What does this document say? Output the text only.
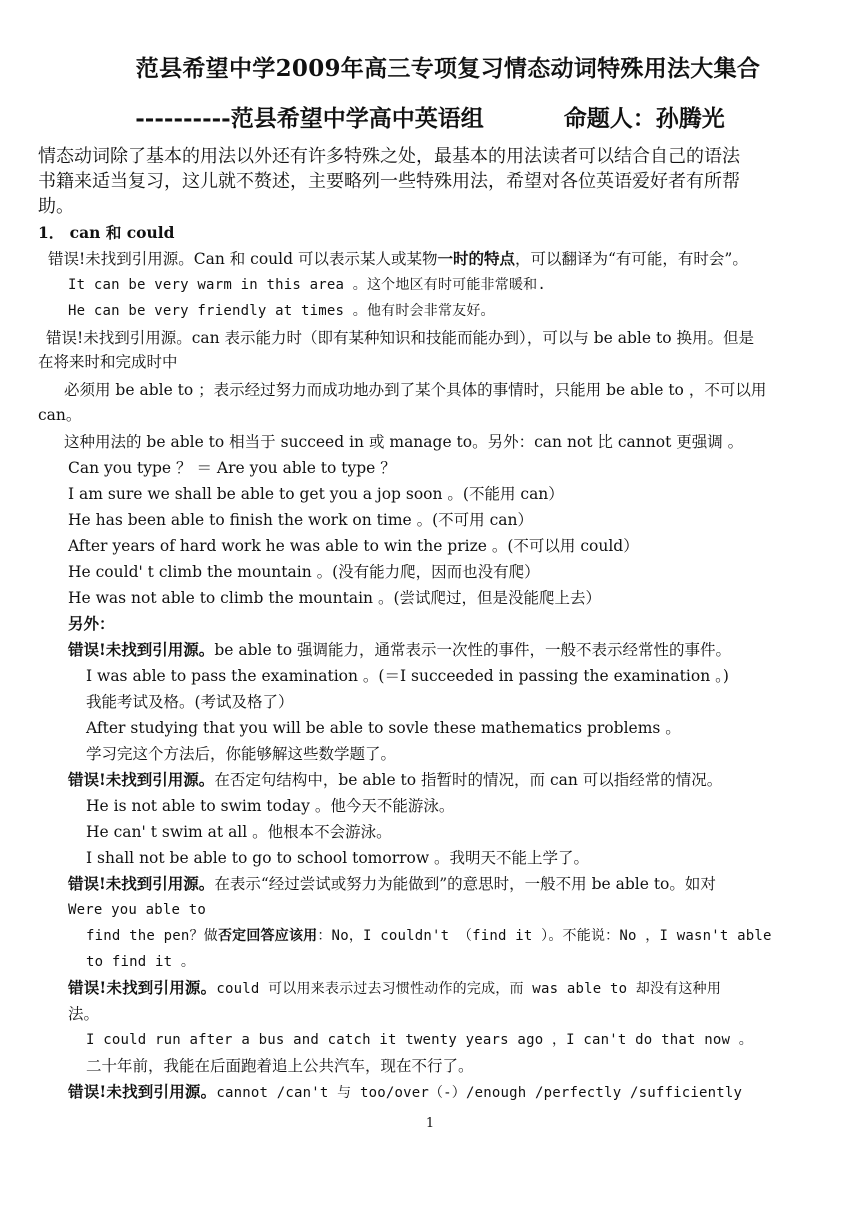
范县希望中学2009年高三专项复习情态动词特殊用法大集合
----------范县希望中学高中英语组	命题人：孙腾光
情态动词除了基本的用法以外还有许多特殊之处，最基本的用法读者可以结合自己的语法
书籍来适当复习，这儿就不赘述，主要略列一些特殊用法，希望对各位英语爱好者有所帮
助。
1． can 和 could
错误!未找到引用源。Can 和 could 可以表示某人或某物一时的特点，可以翻译为“有可能，有时会”。
It can be very warm in this area 。这个地区有时可能非常暖和.
He can be very friendly at times 。他有时会非常友好。
错误!未找到引用源。can 表示能力时（即有某种知识和技能而能办到），可以与 be able to 换用。但是
在将来时和完成时中
必须用 be able to ；表示经过努力而成功地办到了某个具体的事情时，只能用 be able to ，不可以用
can。
这种用法的 be able to 相当于 succeed in 或 manage to。另外：can not 比 cannot 更强调 。
Can you type ？ ＝ Are you able to type ？
I am sure we shall be able to get you a jop soon 。(不能用 can）
He has been able to finish the work on time 。(不可用 can）
After years of hard work he was able to win the prize 。(不可以用 could）
He could' t climb the mountain 。(没有能力爬，因而也没有爬）
He was not able to climb the mountain 。(尝试爬过，但是没能爬上去）
另外：
错误!未找到引用源。be able to 强调能力，通常表示一次性的事件，一般不表示经常性的事件。
I was able to pass the examination 。(＝I succeeded in passing the examination 。)
我能考试及格。(考试及格了）
After studying that you will be able to sovle these mathematics problems 。
学习完这个方法后，你能够解这些数学题了。
错误!未找到引用源。在否定句结构中，be able to 指暂时的情况，而 can 可以指经常的情况。
He is not able to swim today 。他今天不能游泳。
He can' t swim at all 。他根本不会游泳。
I shall not be able to go to school tomorrow 。我明天不能上学了。
错误!未找到引用源。在表示“经过尝试或努力为能做到”的意思时，一般不用 be able to。如对
Were you able to
find the pen？做否定回答应该用：No，I couldn't （find it ）。不能说：No ，I wasn't able
to find it 。
错误!未找到引用源。could 可以用来表示过去习惯性动作的完成，而 was able to 却没有这种用
法。
I could run after a bus and catch it twenty years ago ，I can't do that now 。
二十年前，我能在后面跑着追上公共汽车，现在不行了。
错误!未找到引用源。cannot /can't 与 too/over（-）/enough /perfectly /sufficiently
1
